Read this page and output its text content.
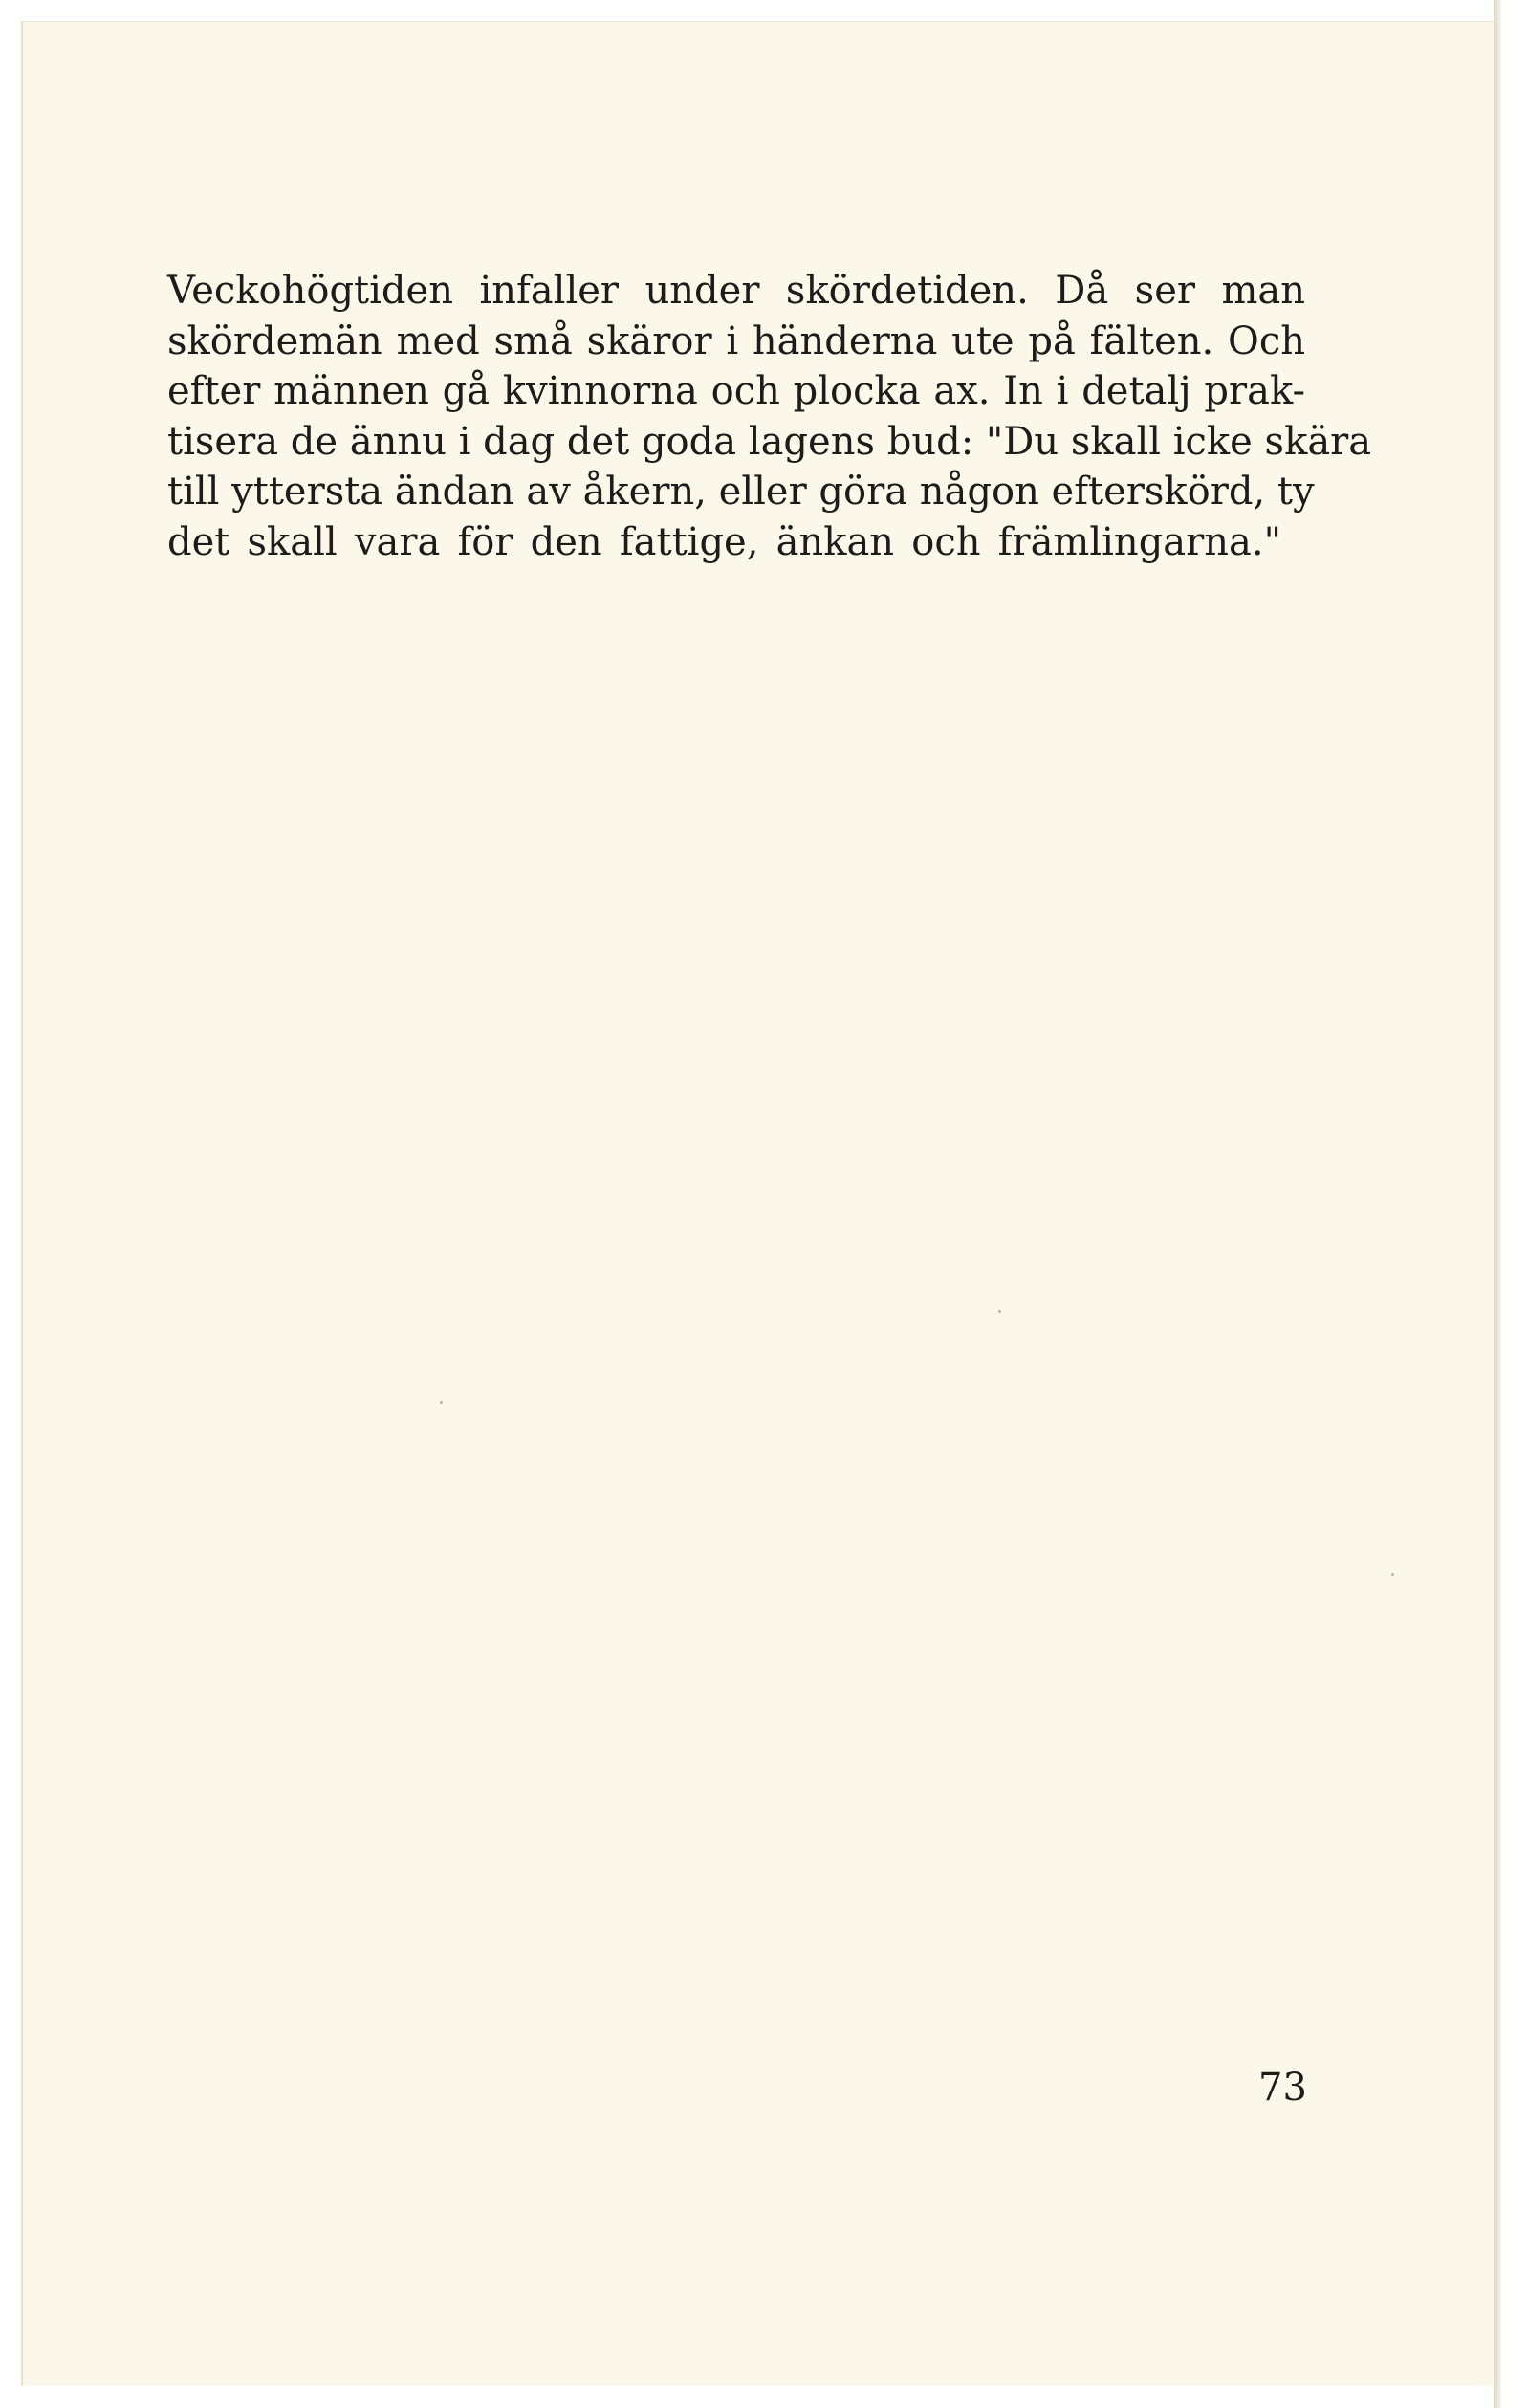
Veckohögtiden infaller under skördetiden. Då ser man
skördemän med små skäror i händerna ute på fälten. Och
efter männen gå kvinnorna och plocka ax. In i detalj prak-
tisera de ännu i dag det goda lagens bud: "Du skall icke skära
till yttersta ändan av åkern, eller göra någon efterskörd, ty
det skall vara för den fattige, änkan och främlingarna."

73
